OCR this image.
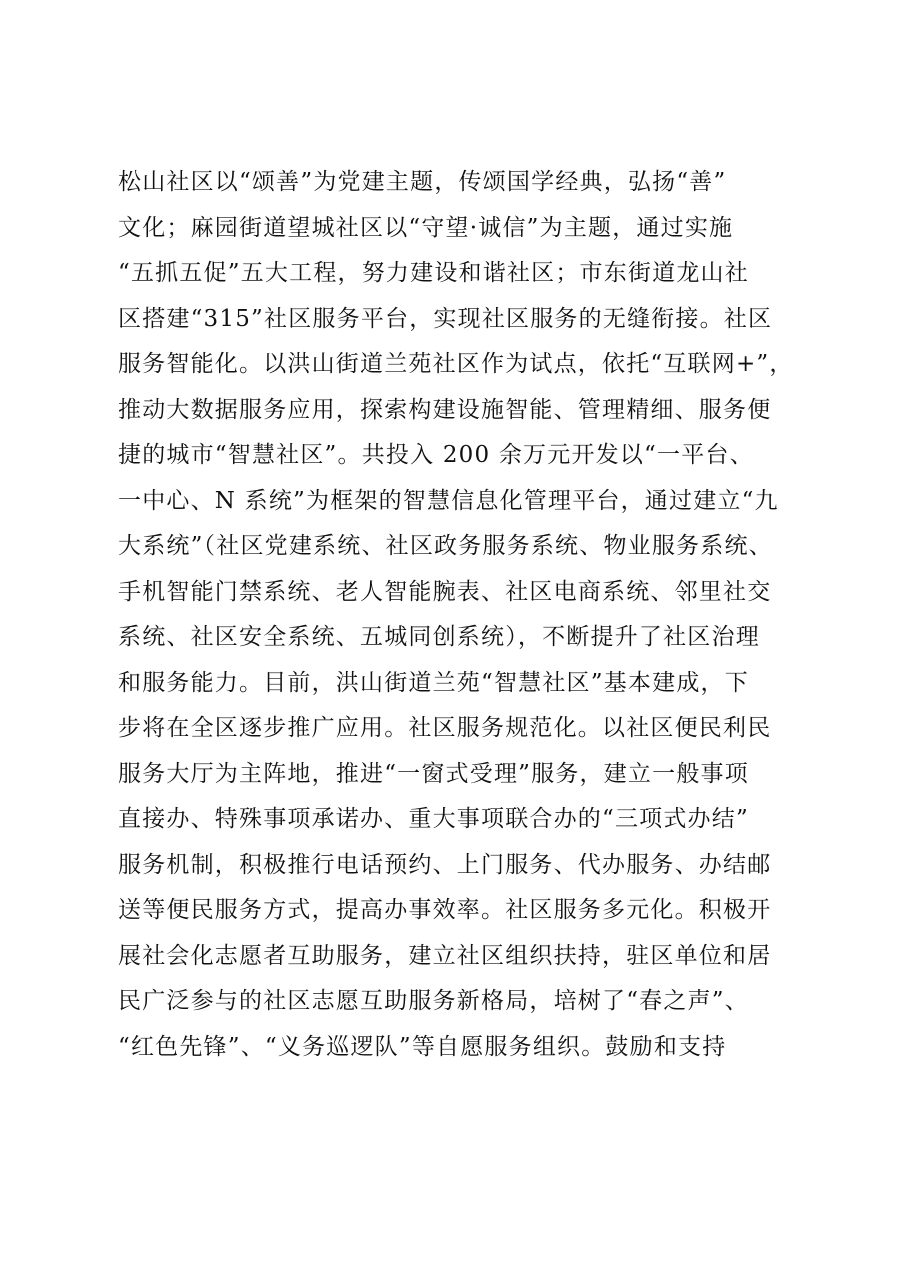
松山社区以“颂善”为党建主题，传颂国学经典，弘扬“善”
文化；麻园街道望城社区以“守望·诚信”为主题，通过实施
“五抓五促”五大工程，努力建设和谐社区；市东街道龙山社
区搭建“315”社区服务平台，实现社区服务的无缝衔接。社区
服务智能化。以洪山街道兰苑社区作为试点，依托“互联网+”，
推动大数据服务应用，探索构建设施智能、管理精细、服务便
捷的城市“智慧社区”。共投入 200 余万元开发以“一平台、
一中心、N 系统”为框架的智慧信息化管理平台，通过建立“九
大系统”（社区党建系统、社区政务服务系统、物业服务系统、
手机智能门禁系统、老人智能腕表、社区电商系统、邻里社交
系统、社区安全系统、五城同创系统），不断提升了社区治理
和服务能力。目前，洪山街道兰苑“智慧社区”基本建成，下
步将在全区逐步推广应用。社区服务规范化。以社区便民利民
服务大厅为主阵地，推进“一窗式受理”服务，建立一般事项
直接办、特殊事项承诺办、重大事项联合办的“三项式办结”
服务机制，积极推行电话预约、上门服务、代办服务、办结邮
送等便民服务方式，提高办事效率。社区服务多元化。积极开
展社会化志愿者互助服务，建立社区组织扶持，驻区单位和居
民广泛参与的社区志愿互助服务新格局，培树了“春之声”、
“红色先锋”、“义务巡逻队”等自愿服务组织。鼓励和支持
